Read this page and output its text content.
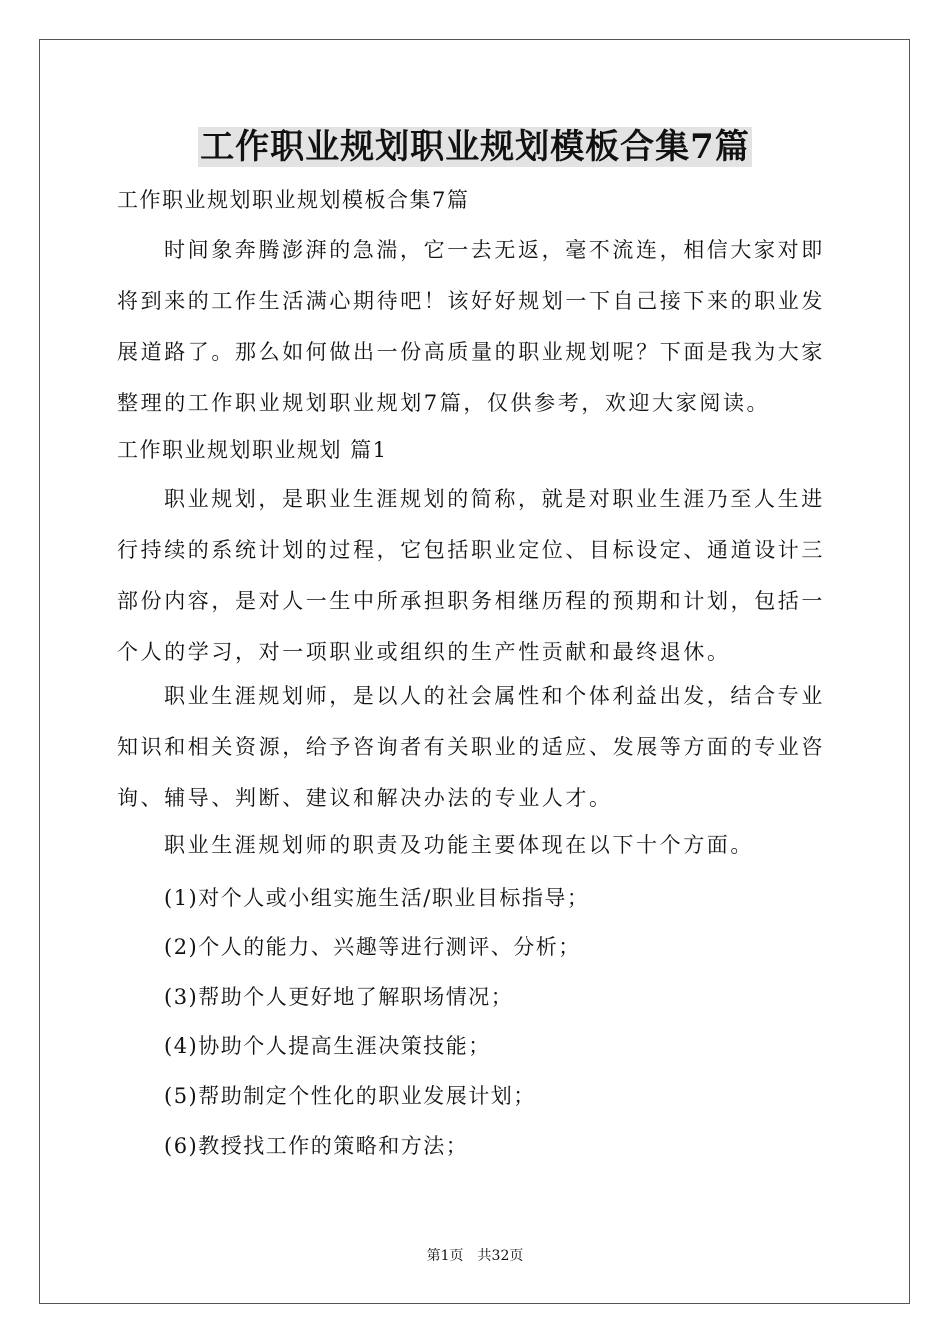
工作职业规划职业规划模板合集7篇
工作职业规划职业规划模板合集7篇

时间象奔腾澎湃的急湍，它一去无返，毫不流连，相信大家对即将到来的工作生活满心期待吧！该好好规划一下自己接下来的职业发展道路了。那么如何做出一份高质量的职业规划呢？下面是我为大家整理的工作职业规划职业规划7篇，仅供参考，欢迎大家阅读。

工作职业规划职业规划 篇1

职业规划，是职业生涯规划的简称，就是对职业生涯乃至人生进行持续的系统计划的过程，它包括职业定位、目标设定、通道设计三部份内容，是对人一生中所承担职务相继历程的预期和计划，包括一个人的学习，对一项职业或组织的生产性贡献和最终退休。

职业生涯规划师，是以人的社会属性和个体利益出发，结合专业知识和相关资源，给予咨询者有关职业的适应、发展等方面的专业咨询、辅导、判断、建议和解决办法的专业人才。

职业生涯规划师的职责及功能主要体现在以下十个方面。

(1)对个人或小组实施生活/职业目标指导；
(2)个人的能力、兴趣等进行测评、分析；
(3)帮助个人更好地了解职场情况；
(4)协助个人提高生涯决策技能；
(5)帮助制定个性化的职业发展计划；
(6)教授找工作的策略和方法；
第1页　共32页
